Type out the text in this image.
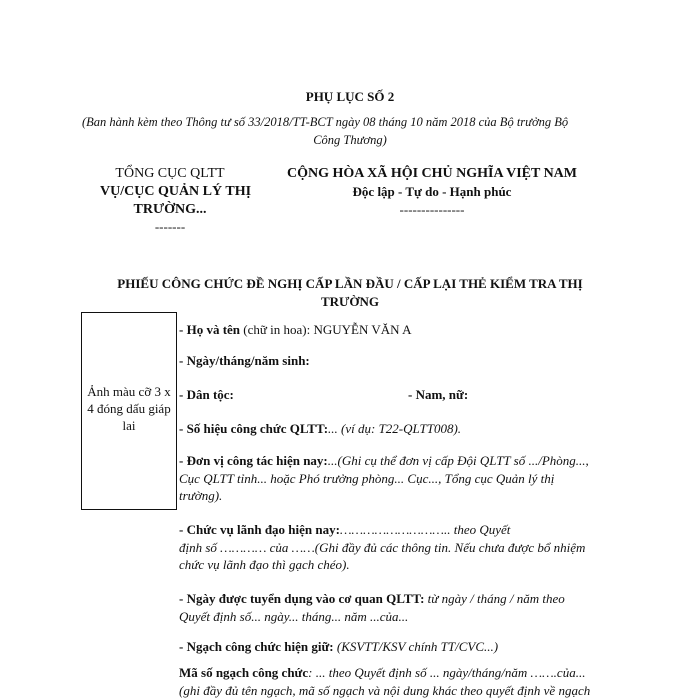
PHỤ LỤC SỐ 2
(Ban hành kèm theo Thông tư số 33/2018/TT-BCT ngày 08 tháng 10 năm 2018 của Bộ trưởng Bộ
Công Thương)
TỔNG CỤC QLTT
VỤ/CỤC QUẢN LÝ THỊ
TRƯỜNG...
-------
CỘNG HÒA XÃ HỘI CHỦ NGHĨA VIỆT NAM
Độc lập - Tự do - Hạnh phúc
---------------
PHIẾU CÔNG CHỨC ĐỀ NGHỊ CẤP LẦN ĐẦU / CẤP LẠI THẺ KIỂM TRA THỊ
TRƯỜNG
Ảnh màu cỡ 3 x 4 đóng dấu giáp lai
- Họ và tên (chữ in hoa): NGUYỄN VĂN A
- Ngày/tháng/năm sinh:
- Dân tộc:	- Nam, nữ:
- Số hiệu công chức QLTT:... (ví dụ: T22-QLTT008).
- Đơn vị công tác hiện nay:...(Ghi cụ thể đơn vị cấp Đội QLTT số .../Phòng...,
Cục QLTT tỉnh... hoặc Phó trưởng phòng... Cục..., Tổng cục Quản lý thị
trường).
- Chức vụ lãnh đạo hiện nay:……………………….. theo Quyết
định số ………… của ……(Ghi đầy đủ các thông tin. Nếu chưa được bổ nhiệm
chức vụ lãnh đạo thì gạch chéo).
- Ngày được tuyển dụng vào cơ quan QLTT: từ ngày / tháng / năm theo
Quyết định số... ngày... tháng... năm ...của...
- Ngạch công chức hiện giữ: (KSVTT/KSV chính TT/CVC...)
Mã số ngạch công chức: ... theo Quyết định số ... ngày/tháng/năm …….của...
(ghi đầy đủ tên ngạch, mã số ngạch và nội dung khác theo quyết định về ngạch
